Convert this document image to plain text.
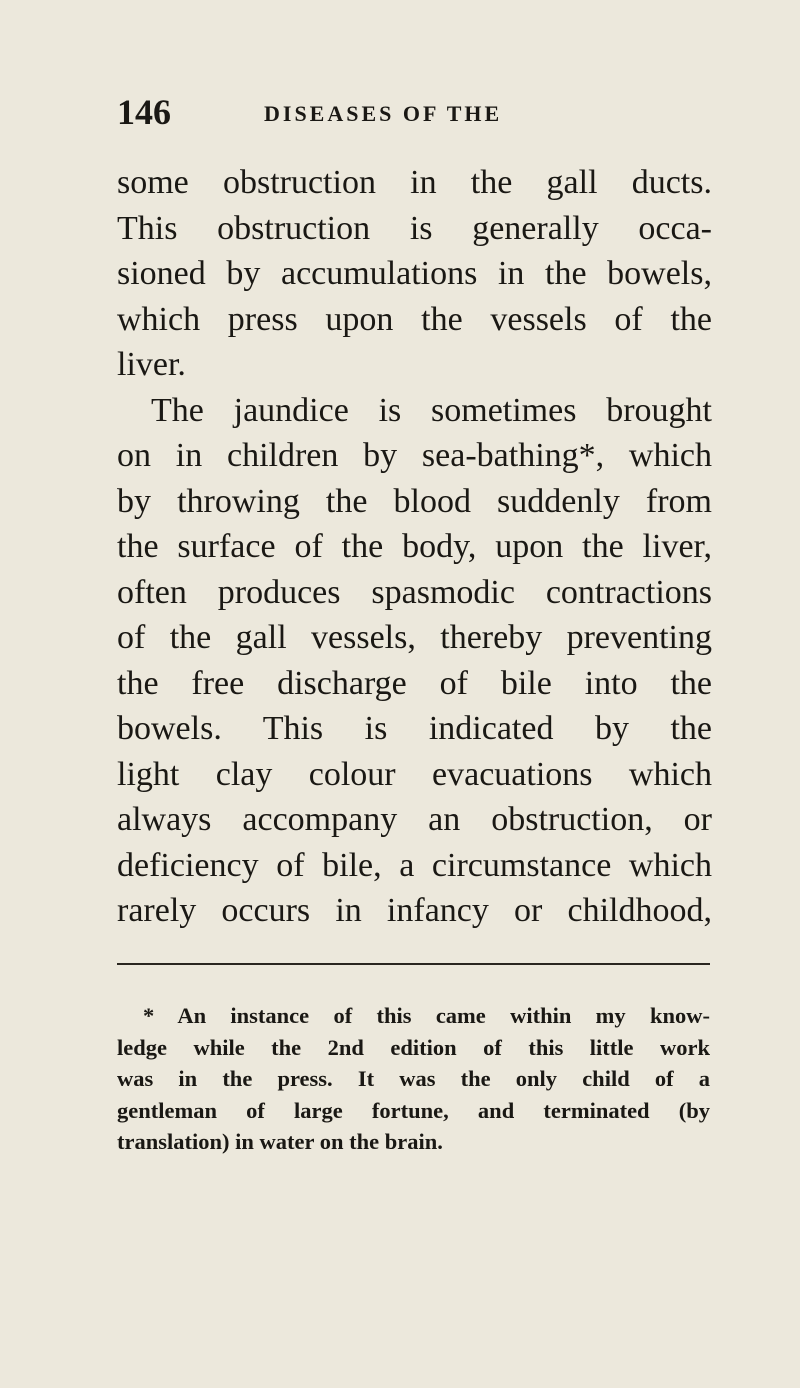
146	DISEASES OF THE
some obstruction in the gall ducts.
This obstruction is generally occa-
sioned by accumulations in the bowels,
which press upon the vessels of the
liver.
The jaundice is sometimes brought
on in children by sea-bathing*, which
by throwing the blood suddenly from
the surface of the body, upon the liver,
often produces spasmodic contractions
of the gall vessels, thereby preventing
the free discharge of bile into the
bowels. This is indicated by the
light clay colour evacuations which
always accompany an obstruction, or
deficiency of bile, a circumstance which
rarely occurs in infancy or childhood,
* An instance of this came within my know-
ledge while the 2nd edition of this little work
was in the press. It was the only child of a
gentleman of large fortune, and terminated (by
translation) in water on the brain.
